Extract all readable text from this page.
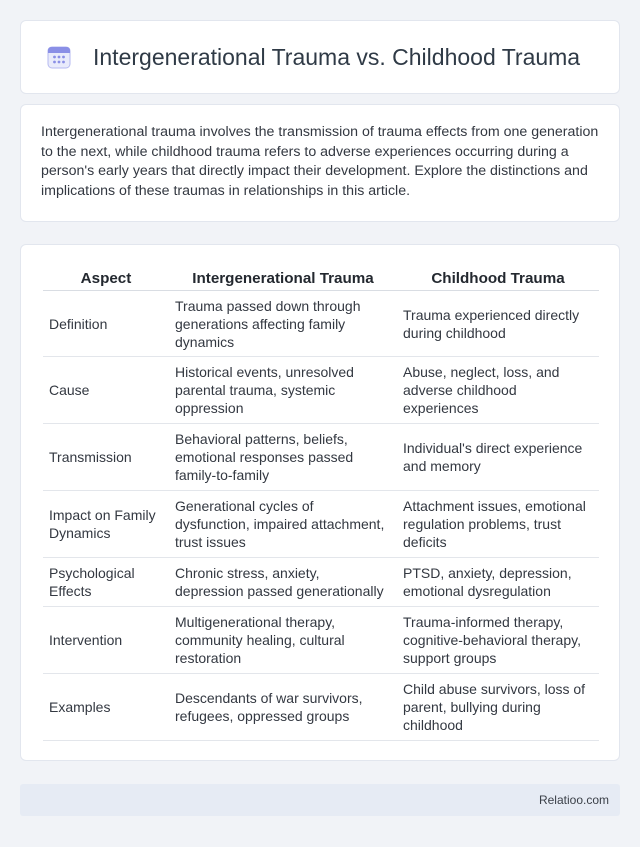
Intergenerational Trauma vs. Childhood Trauma

Intergenerational trauma involves the transmission of trauma effects from one generation to the next, while childhood trauma refers to adverse experiences occurring during a person's early years that directly impact their development. Explore the distinctions and implications of these traumas in relationships in this article.

Aspect	Intergenerational Trauma	Childhood Trauma
Definition	Trauma passed down through generations affecting family dynamics	Trauma experienced directly during childhood
Cause	Historical events, unresolved parental trauma, systemic oppression	Abuse, neglect, loss, and adverse childhood experiences
Transmission	Behavioral patterns, beliefs, emotional responses passed family-to-family	Individual's direct experience and memory
Impact on Family Dynamics	Generational cycles of dysfunction, impaired attachment, trust issues	Attachment issues, emotional regulation problems, trust deficits
Psychological Effects	Chronic stress, anxiety, depression passed generationally	PTSD, anxiety, depression, emotional dysregulation
Intervention	Multigenerational therapy, community healing, cultural restoration	Trauma-informed therapy, cognitive-behavioral therapy, support groups
Examples	Descendants of war survivors, refugees, oppressed groups	Child abuse survivors, loss of parent, bullying during childhood
Relatioo.com
